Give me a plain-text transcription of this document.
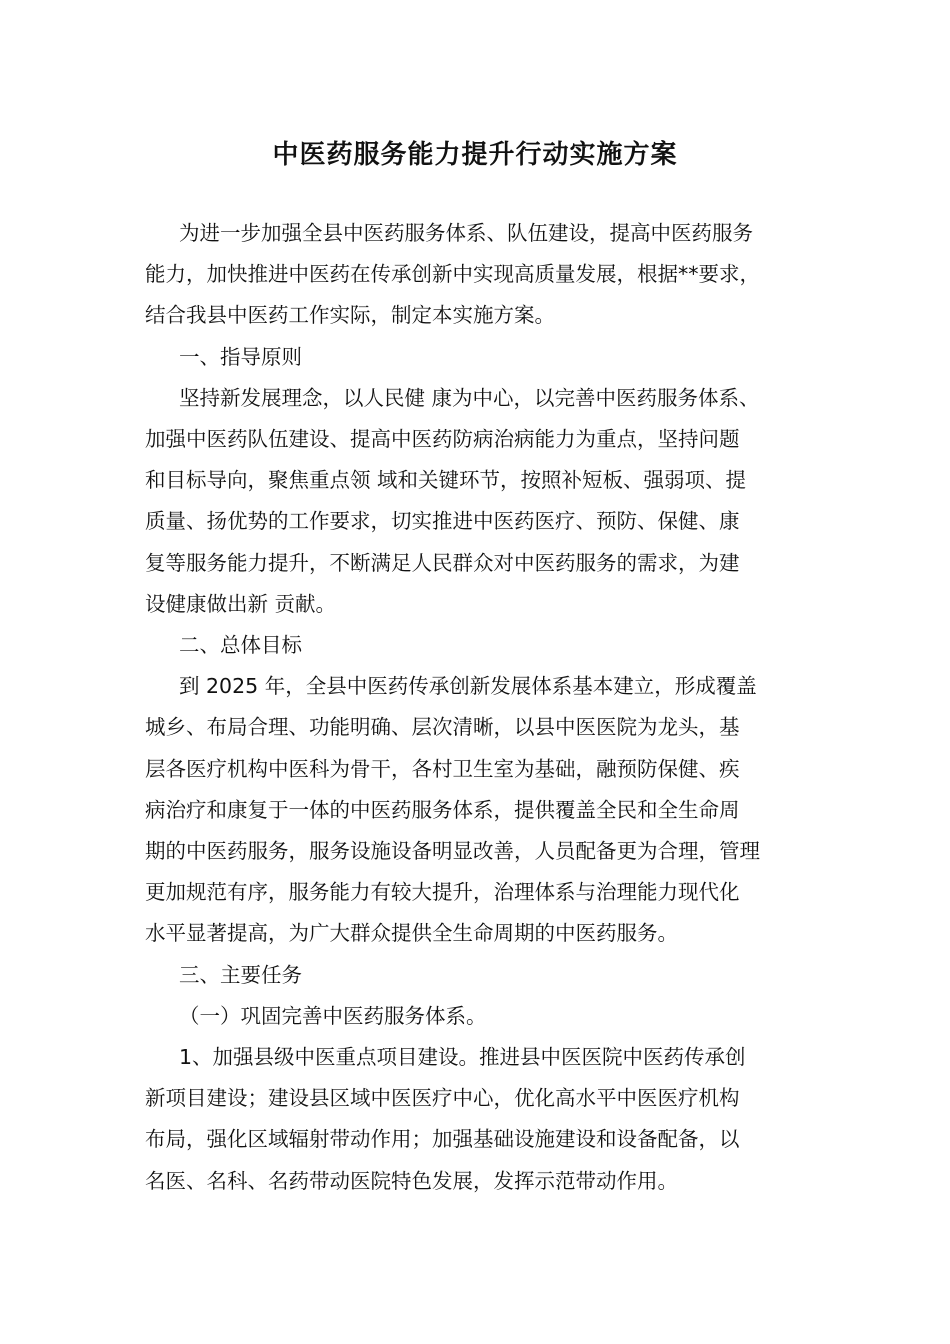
中医药服务能力提升行动实施方案
为进一步加强全县中医药服务体系、队伍建设，提高中医药服务
能力，加快推进中医药在传承创新中实现高质量发展，根据**要求，
结合我县中医药工作实际，制定本实施方案。
一、指导原则
坚持新发展理念，以人民健 康为中心，以完善中医药服务体系、
加强中医药队伍建设、提高中医药防病治病能力为重点，坚持问题
和目标导向，聚焦重点领 域和关键环节，按照补短板、强弱项、提
质量、扬优势的工作要求，切实推进中医药医疗、预防、保健、康
复等服务能力提升，不断满足人民群众对中医药服务的需求，为建
设健康做出新 贡献。
二、总体目标
到 2025 年，全县中医药传承创新发展体系基本建立，形成覆盖
城乡、布局合理、功能明确、层次清晰，以县中医医院为龙头，基
层各医疗机构中医科为骨干，各村卫生室为基础，融预防保健、疾
病治疗和康复于一体的中医药服务体系，提供覆盖全民和全生命周
期的中医药服务，服务设施设备明显改善，人员配备更为合理，管理
更加规范有序，服务能力有较大提升，治理体系与治理能力现代化
水平显著提高，为广大群众提供全生命周期的中医药服务。
三、主要任务
（一）巩固完善中医药服务体系。
1、加强县级中医重点项目建设。推进县中医医院中医药传承创
新项目建设；建设县区域中医医疗中心，优化高水平中医医疗机构
布局，强化区域辐射带动作用；加强基础设施建设和设备配备，以
名医、名科、名药带动医院特色发展，发挥示范带动作用。
